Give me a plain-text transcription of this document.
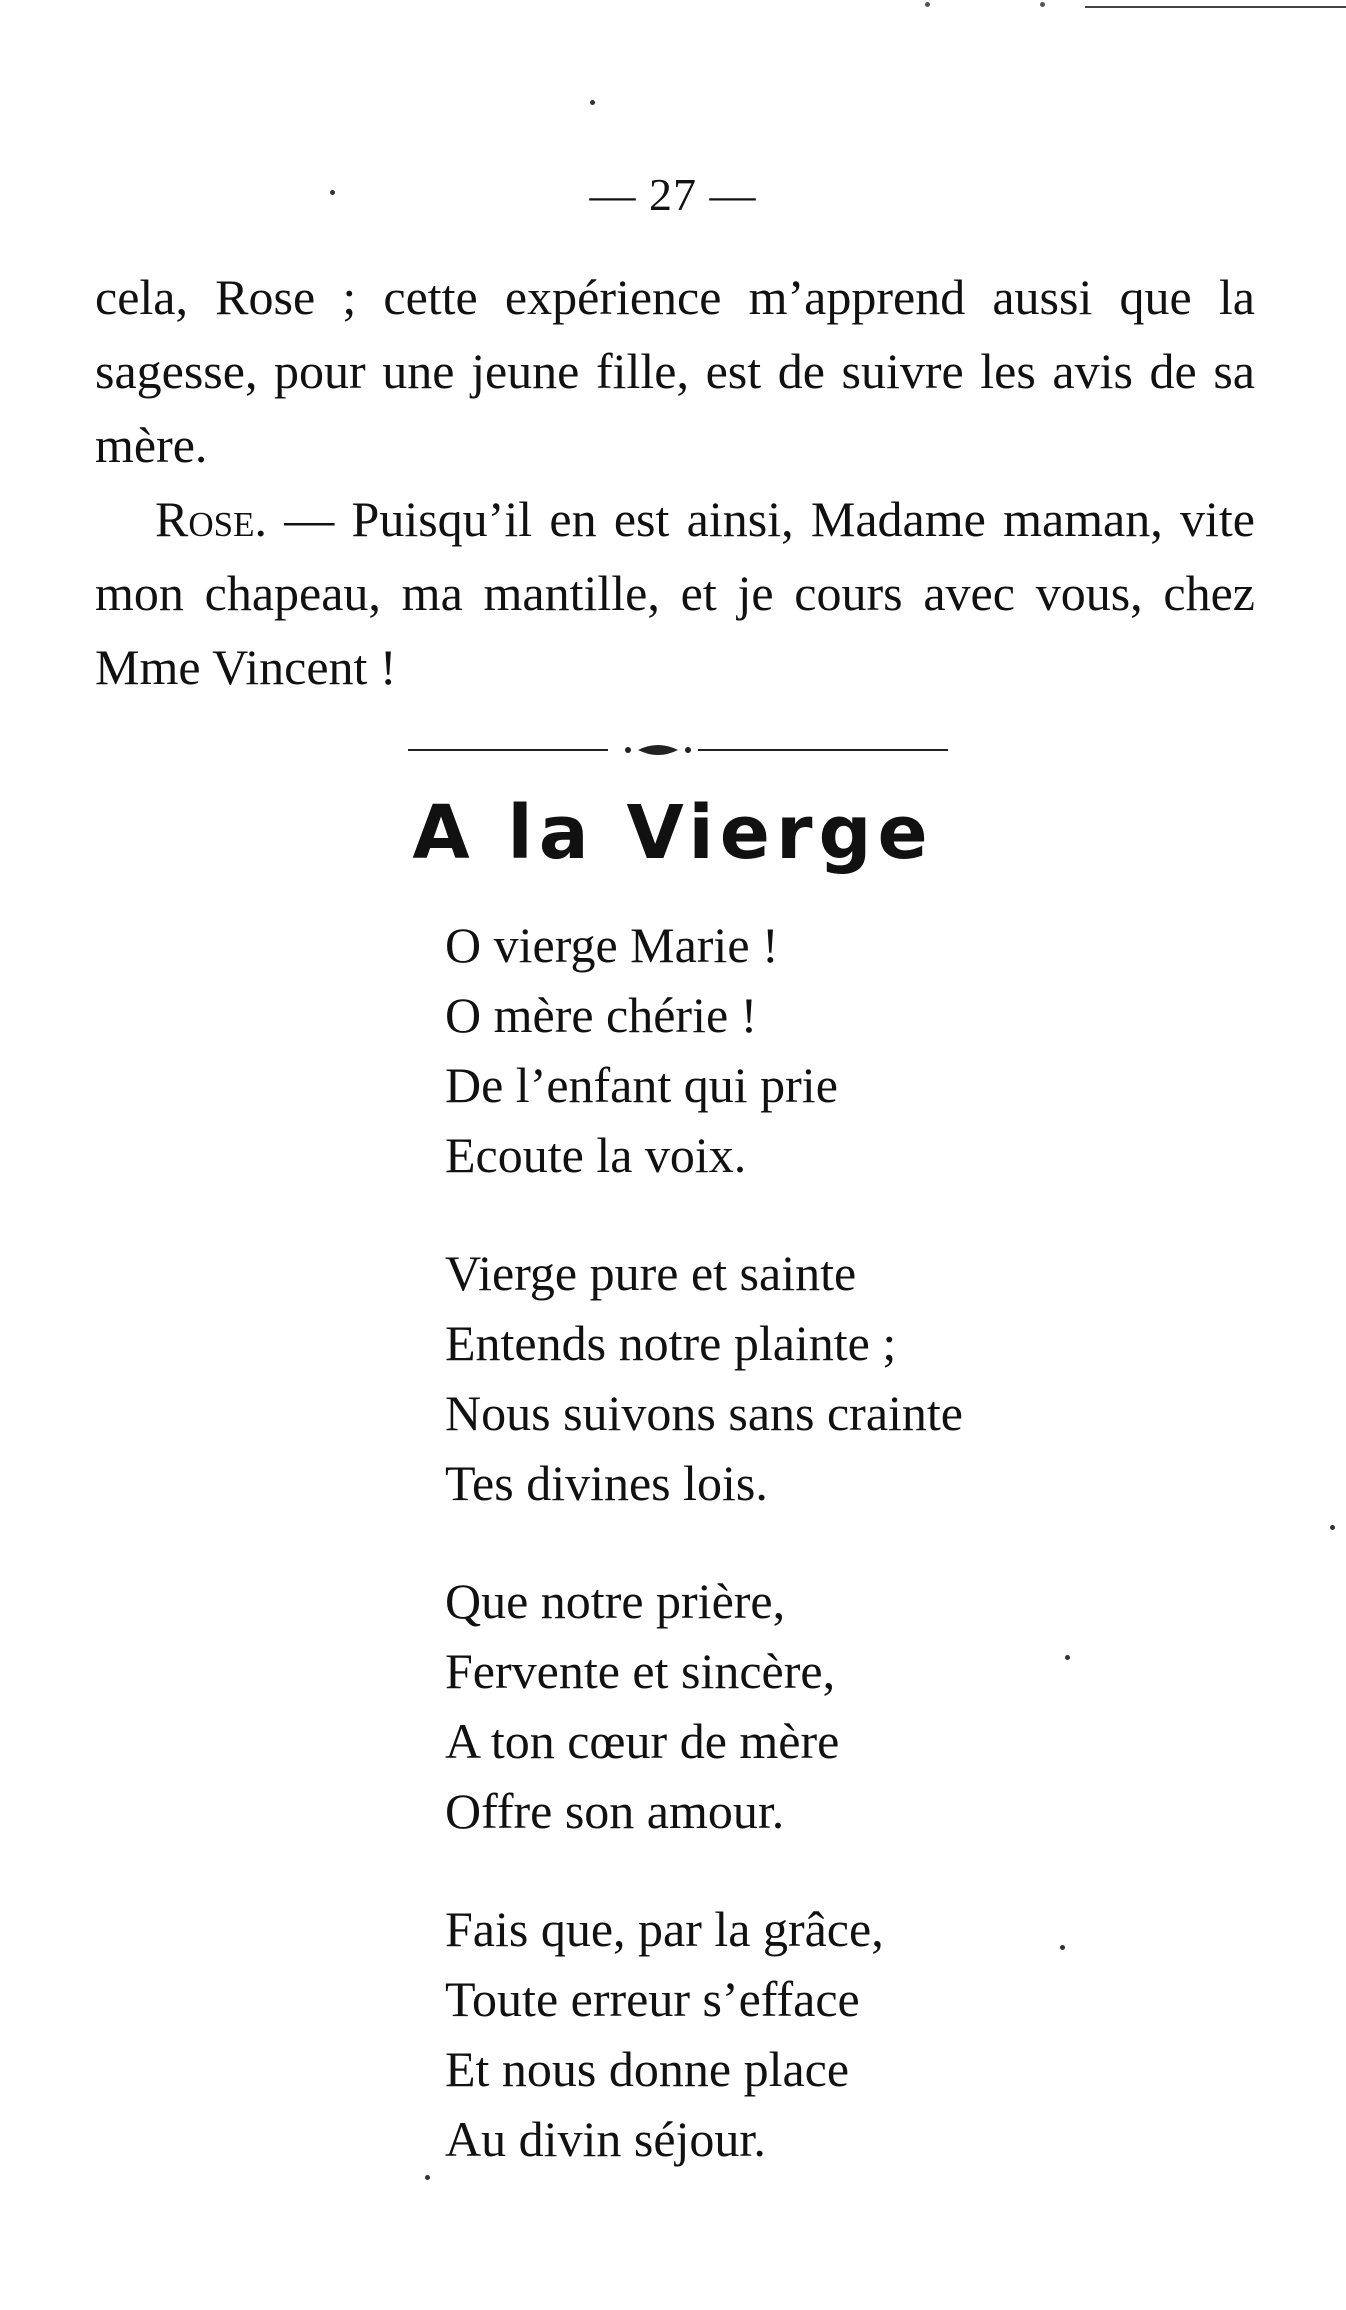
— 27 —

cela, Rose ; cette expérience m’apprend aussi que la sagesse, pour une jeune fille, est de suivre les avis de sa mère.

Rose. — Puisqu’il en est ainsi, Madame maman, vite mon chapeau, ma mantille, et je cours avec vous, chez Mme Vincent !

A la Vierge
O vierge Marie !
O mère chérie !
De l’enfant qui prie
Ecoute la voix.
Vierge pure et sainte
Entends notre plainte ;
Nous suivons sans crainte
Tes divines lois.
Que notre prière,
Fervente et sincère,
A ton cœur de mère
Offre son amour.
Fais que, par la grâce,
Toute erreur s’efface
Et nous donne place
Au divin séjour.
